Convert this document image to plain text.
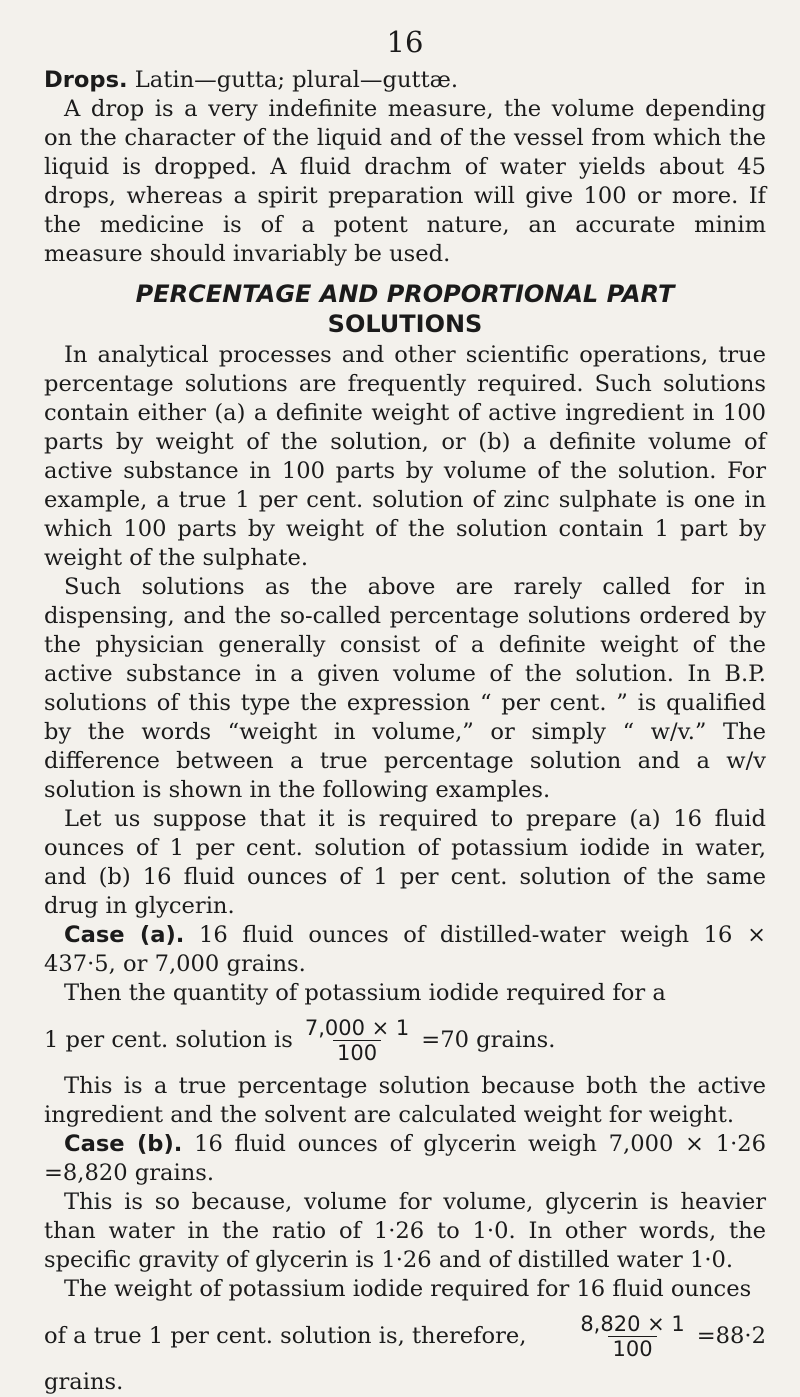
16

Drops. Latin—gutta; plural—guttæ.

A drop is a very indefinite measure, the volume depending on the character of the liquid and of the vessel from which the liquid is dropped. A fluid drachm of water yields about 45 drops, whereas a spirit preparation will give 100 or more. If the medicine is of a potent nature, an accurate minim measure should invariably be used.

PERCENTAGE AND PROPORTIONAL PART
SOLUTIONS

In analytical processes and other scientific operations, true percentage solutions are frequently required. Such solutions contain either (a) a definite weight of active ingredient in 100 parts by weight of the solution, or (b) a definite volume of active substance in 100 parts by volume of the solution. For example, a true 1 per cent. solution of zinc sulphate is one in which 100 parts by weight of the solution contain 1 part by weight of the sulphate.

Such solutions as the above are rarely called for in dispensing, and the so-called percentage solutions ordered by the physician generally consist of a definite weight of the active substance in a given volume of the solution. In B.P. solutions of this type the expression “ per cent. ” is qualified by the words “weight in volume,” or simply “ w/v.” The difference between a true percentage solution and a w/v solution is shown in the following examples.

Let us suppose that it is required to prepare (a) 16 fluid ounces of 1 per cent. solution of potassium iodide in water, and (b) 16 fluid ounces of 1 per cent. solution of the same drug in glycerin.

Case (a). 16 fluid ounces of distilled-water weigh 16 × 437·5, or 7,000 grains.

Then the quantity of potassium iodide required for a

1 per cent. solution is $\frac{7,000 \times 1}{100} =70$ grains.

This is a true percentage solution because both the active ingredient and the solvent are calculated weight for weight.

Case (b). 16 fluid ounces of glycerin weigh 7,000 × 1·26 =8,820 grains.

This is so because, volume for volume, glycerin is heavier than water in the ratio of 1·26 to 1·0. In other words, the specific gravity of glycerin is 1·26 and of distilled water 1·0.

The weight of potassium iodide required for 16 fluid ounces

of a true 1 per cent. solution is, therefore, $\frac{8,820 \times 1}{100} =88\cdot 2$
grains.
